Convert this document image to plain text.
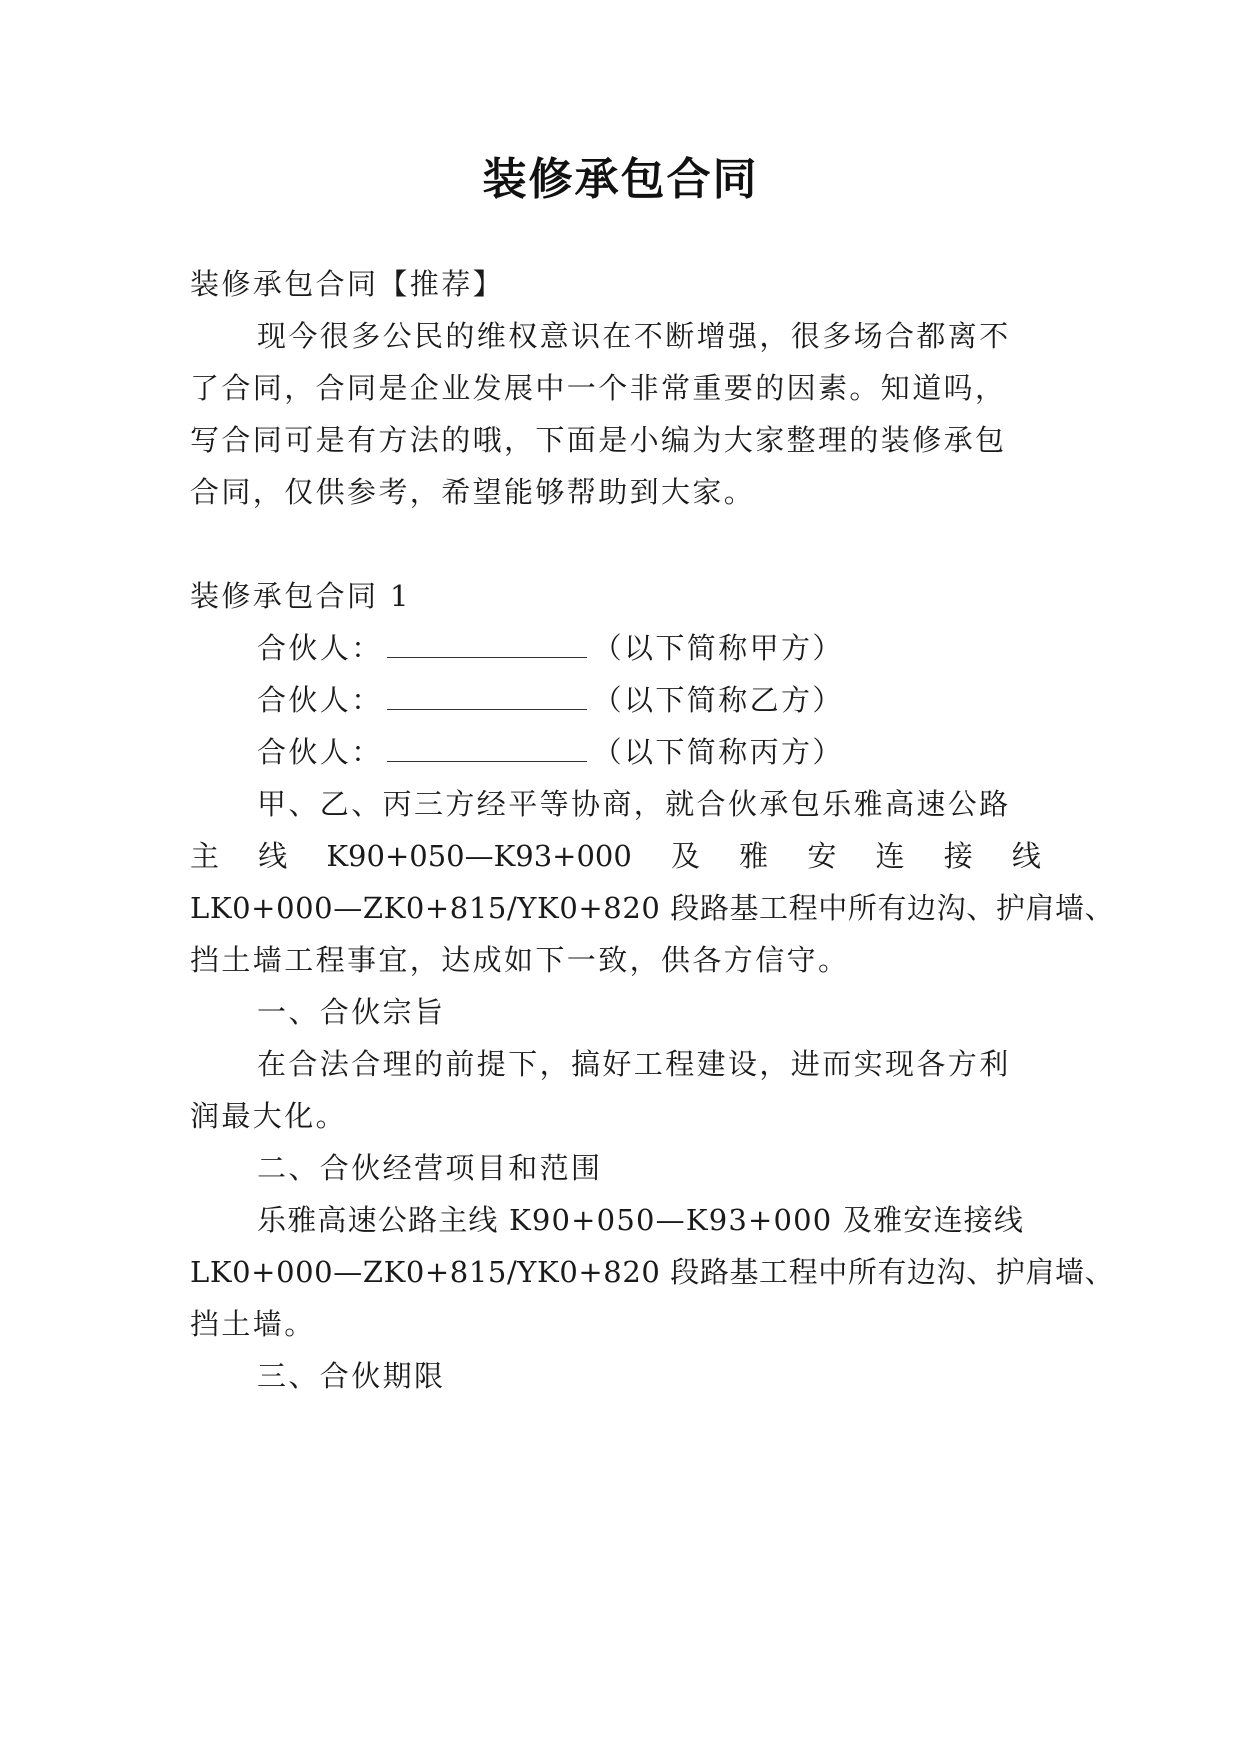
装修承包合同
装修承包合同【推荐】
现今很多公民的维权意识在不断增强，很多场合都离不
了合同，合同是企业发展中一个非常重要的因素。知道吗，
写合同可是有方法的哦，下面是小编为大家整理的装修承包
合同，仅供参考，希望能够帮助到大家。
装修承包合同 1
合伙人：	（以下简称甲方）
合伙人：	（以下简称乙方）
合伙人：	（以下简称丙方）
甲、乙、丙三方经平等协商，就合伙承包乐雅高速公路
主 线 K90+050—K93+000 及 雅 安 连 接 线
LK0+000—ZK0+815/YK0+820 段路基工程中所有边沟、护肩墙、
挡土墙工程事宜，达成如下一致，供各方信守。
一、合伙宗旨
在合法合理的前提下，搞好工程建设，进而实现各方利
润最大化。
二、合伙经营项目和范围
乐雅高速公路主线 K90+050—K93+000 及雅安连接线
LK0+000—ZK0+815/YK0+820 段路基工程中所有边沟、护肩墙、
挡土墙。
三、合伙期限
